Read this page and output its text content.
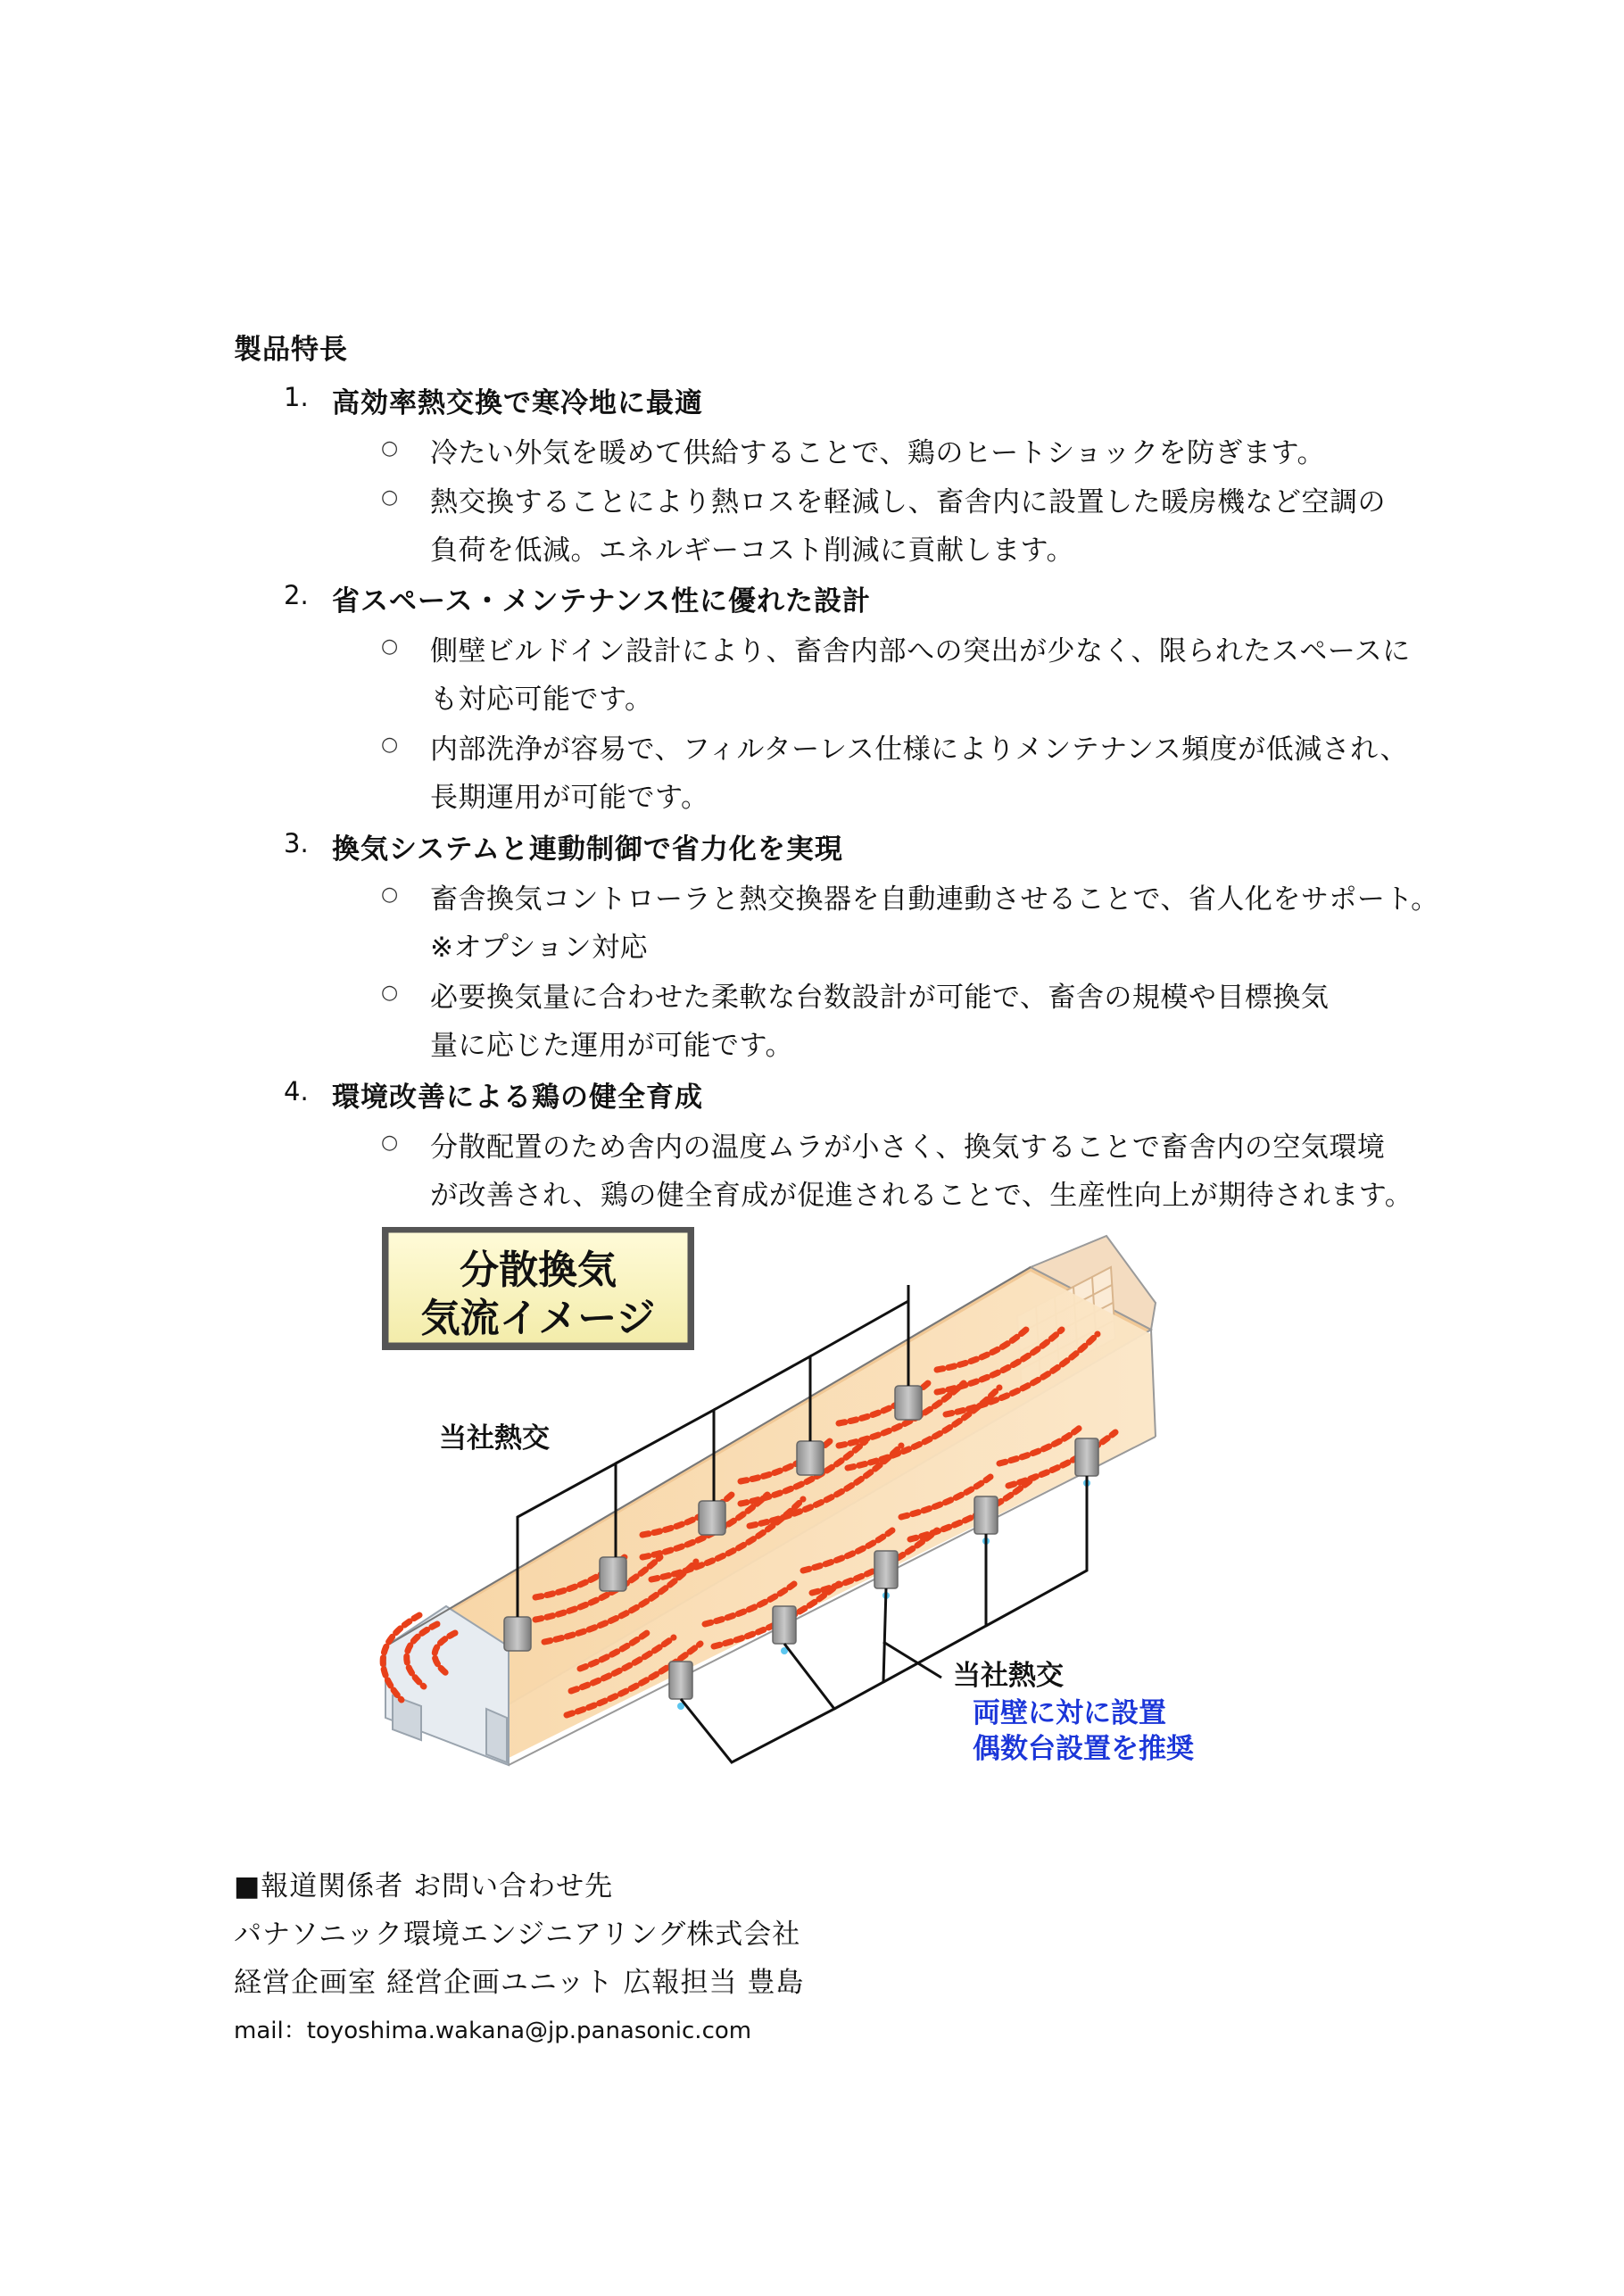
製品特長
1. 高効率熱交換で寒冷地に最適
○ 冷たい外気を暖めて供給することで、鶏のヒートショックを防ぎます。
○ 熱交換することにより熱ロスを軽減し、畜舎内に設置した暖房機など空調の
負荷を低減。エネルギーコスト削減に貢献します。
2. 省スペース・メンテナンス性に優れた設計
○ 側壁ビルドイン設計により、畜舎内部への突出が少なく、限られたスペースに
も対応可能です。
○ 内部洗浄が容易で、フィルターレス仕様によりメンテナンス頻度が低減され、
長期運用が可能です。
3. 換気システムと連動制御で省力化を実現
○ 畜舎換気コントローラと熱交換器を自動連動させることで、省人化をサポート。
※オプション対応
○ 必要換気量に合わせた柔軟な台数設計が可能で、畜舎の規模や目標換気
量に応じた運用が可能です。
4. 環境改善による鶏の健全育成
○ 分散配置のため舎内の温度ムラが小さく、換気することで畜舎内の空気環境
が改善され、鶏の健全育成が促進されることで、生産性向上が期待されます。
分散換気
気流イメージ
当社熱交
当社熱交
両壁に対に設置
偶数台設置を推奨
■報道関係者 お問い合わせ先
パナソニック環境エンジニアリング株式会社
経営企画室 経営企画ユニット 広報担当 豊島
mail：toyoshima.wakana@jp.panasonic.com
